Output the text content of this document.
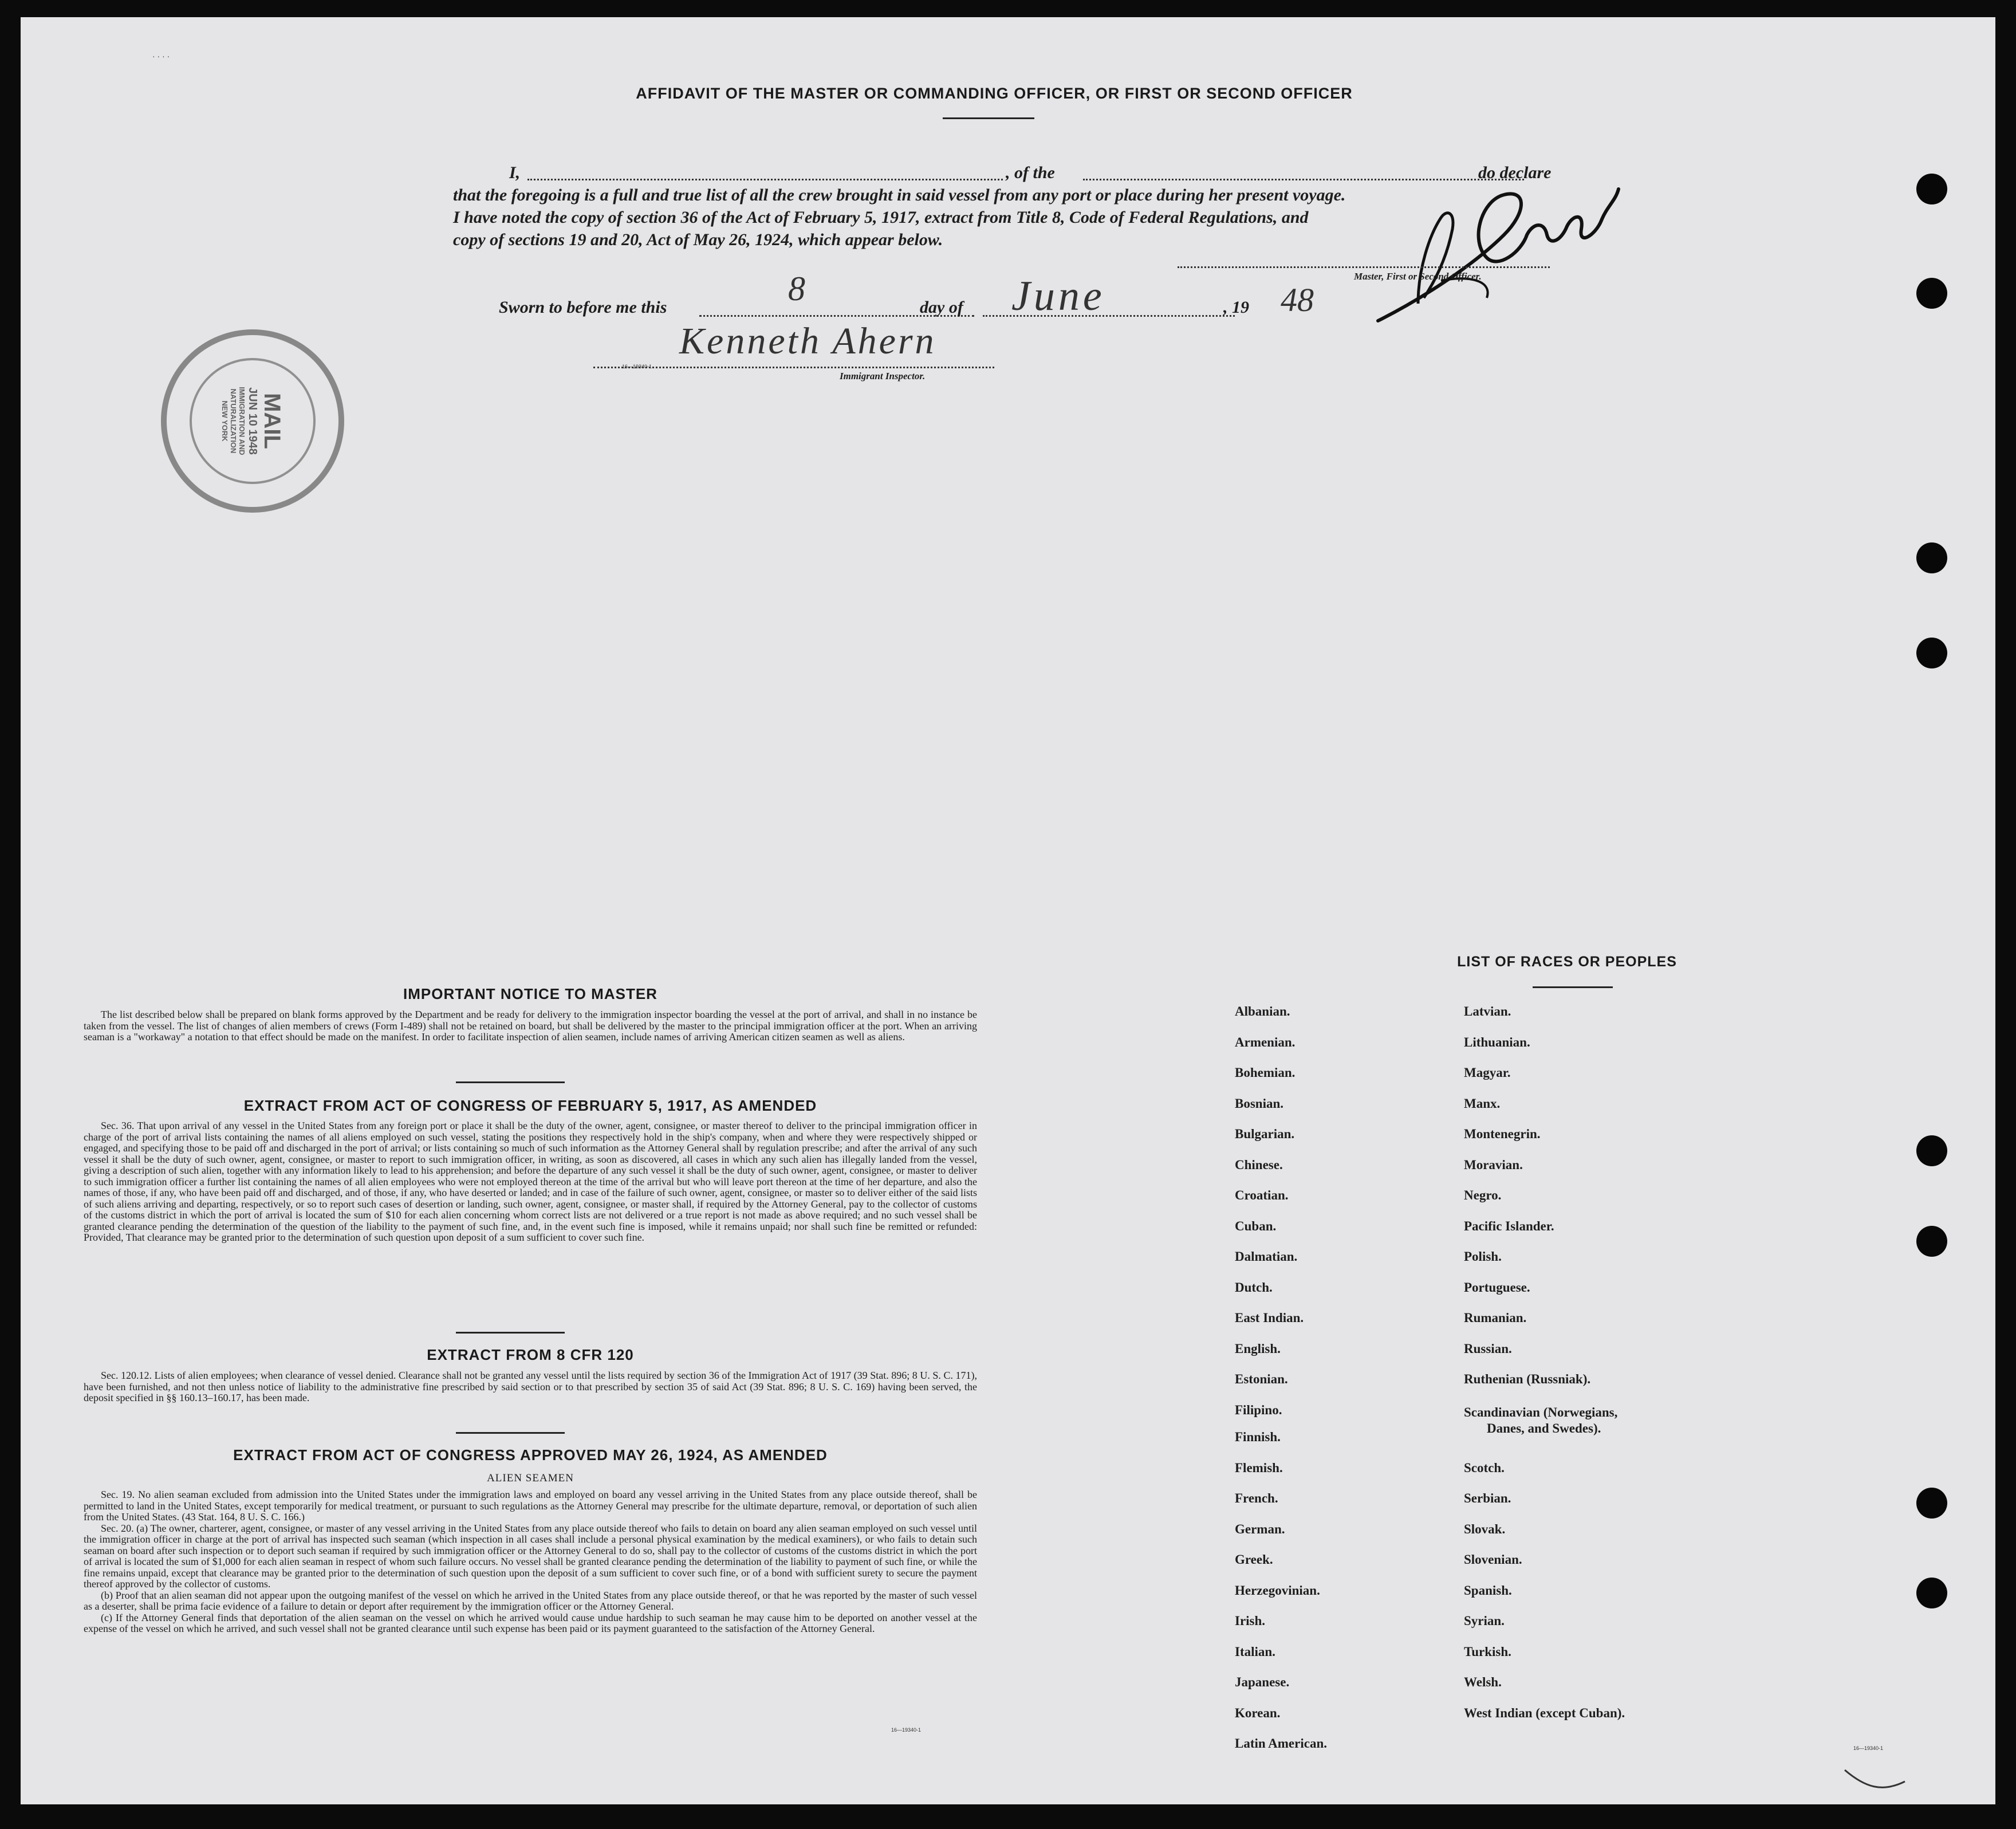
· · · ·
AFFIDAVIT OF THE MASTER OR COMMANDING OFFICER, OR FIRST OR SECOND OFFICER
I,	, of the	do declare
that the foregoing is a full and true list of all the crew brought in said vessel from any port or place during her present voyage.
I have noted the copy of section 36 of the Act of February 5, 1917, extract from Title 8, Code of Federal Regulations, and
copy of sections 19 and 20, Act of May 26, 1924, which appear below.
Master, First or Second Officer.
Sworn to before me this	8	day of June	, 19 48
Kenneth Ahern
16—19340-1
Immigrant Inspector.
MAIL
JUN 10 1948
IMMIGRATION AND
NATURALIZATION
NEW YORK
IMPORTANT NOTICE TO MASTER

The list described below shall be prepared on blank forms approved by the Department and be ready for delivery to the immigration inspector boarding the vessel at the port of arrival, and shall in no instance be taken from the vessel. The list of changes of alien members of crews (Form I-489) shall not be retained on board, but shall be delivered by the master to the principal immigration officer at the port. When an arriving seaman is a "workaway" a notation to that effect should be made on the manifest. In order to facilitate inspection of alien seamen, include names of arriving American citizen seamen as well as aliens.

EXTRACT FROM ACT OF CONGRESS OF FEBRUARY 5, 1917, AS AMENDED

Sec. 36. That upon arrival of any vessel in the United States from any foreign port or place it shall be the duty of the owner, agent, consignee, or master thereof to deliver to the principal immigration officer in charge of the port of arrival lists containing the names of all aliens employed on such vessel, stating the positions they respectively hold in the ship's company, when and where they were respectively shipped or engaged, and specifying those to be paid off and discharged in the port of arrival; or lists containing so much of such information as the Attorney General shall by regulation prescribe; and after the arrival of any such vessel it shall be the duty of such owner, agent, consignee, or master to report to such immigration officer, in writing, as soon as discovered, all cases in which any such alien has illegally landed from the vessel, giving a description of such alien, together with any information likely to lead to his apprehension; and before the departure of any such vessel it shall be the duty of such owner, agent, consignee, or master to deliver to such immigration officer a further list containing the names of all alien employees who were not employed thereon at the time of the arrival but who will leave port thereon at the time of her departure, and also the names of those, if any, who have been paid off and discharged, and of those, if any, who have deserted or landed; and in case of the failure of such owner, agent, consignee, or master so to deliver either of the said lists of such aliens arriving and departing, respectively, or so to report such cases of desertion or landing, such owner, agent, consignee, or master shall, if required by the Attorney General, pay to the collector of customs of the customs district in which the port of arrival is located the sum of $10 for each alien concerning whom correct lists are not delivered or a true report is not made as above required; and no such vessel shall be granted clearance pending the determination of the question of the liability to the payment of such fine, and, in the event such fine is imposed, while it remains unpaid; nor shall such fine be remitted or refunded: Provided, That clearance may be granted prior to the determination of such question upon deposit of a sum sufficient to cover such fine.

EXTRACT FROM 8 CFR 120

Sec. 120.12. Lists of alien employees; when clearance of vessel denied. Clearance shall not be granted any vessel until the lists required by section 36 of the Immigration Act of 1917 (39 Stat. 896; 8 U. S. C. 171), have been furnished, and not then unless notice of liability to the administrative fine prescribed by said section or to that prescribed by section 35 of said Act (39 Stat. 896; 8 U. S. C. 169) having been served, the deposit specified in §§ 160.13–160.17, has been made.

EXTRACT FROM ACT OF CONGRESS APPROVED MAY 26, 1924, AS AMENDED
ALIEN SEAMEN

Sec. 19. No alien seaman excluded from admission into the United States under the immigration laws and employed on board any vessel arriving in the United States from any place outside thereof, shall be permitted to land in the United States, except temporarily for medical treatment, or pursuant to such regulations as the Attorney General may prescribe for the ultimate departure, removal, or deportation of such alien from the United States. (43 Stat. 164, 8 U. S. C. 166.)

Sec. 20. (a) The owner, charterer, agent, consignee, or master of any vessel arriving in the United States from any place outside thereof who fails to detain on board any alien seaman employed on such vessel until the immigration officer in charge at the port of arrival has inspected such seaman (which inspection in all cases shall include a personal physical examination by the medical examiners), or who fails to detain such seaman on board after such inspection or to deport such seaman if required by such immigration officer or the Attorney General to do so, shall pay to the collector of customs of the customs district in which the port of arrival is located the sum of $1,000 for each alien seaman in respect of whom such failure occurs. No vessel shall be granted clearance pending the determination of the liability to payment of such fine, or while the fine remains unpaid, except that clearance may be granted prior to the determination of such question upon the deposit of a sum sufficient to cover such fine, or of a bond with sufficient surety to secure the payment thereof approved by the collector of customs.

(b) Proof that an alien seaman did not appear upon the outgoing manifest of the vessel on which he arrived in the United States from any place outside thereof, or that he was reported by the master of such vessel as a deserter, shall be prima facie evidence of a failure to detain or deport after requirement by the immigration officer or the Attorney General.

(c) If the Attorney General finds that deportation of the alien seaman on the vessel on which he arrived would cause undue hardship to such seaman he may cause him to be deported on another vessel at the expense of the vessel on which he arrived, and such vessel shall not be granted clearance until such expense has been paid or its payment guaranteed to the satisfaction of the Attorney General.

16—19340-1
LIST OF RACES OR PEOPLES
Albanian.
Armenian.
Bohemian.
Bosnian.
Bulgarian.
Chinese.
Croatian.
Cuban.
Dalmatian.
Dutch.
East Indian.
English.
Estonian.
Filipino.
Finnish.
Flemish.
French.
German.
Greek.
Herzegovinian.
Irish.
Italian.
Japanese.
Korean.
Latin American.
Latvian.
Lithuanian.
Magyar.
Manx.
Montenegrin.
Moravian.
Negro.
Pacific Islander.
Polish.
Portuguese.
Rumanian.
Russian.
Ruthenian (Russniak).
Scandinavian (Norwegians,
Danes, and Swedes).
Scotch.
Serbian.
Slovak.
Slovenian.
Spanish.
Syrian.
Turkish.
Welsh.
West Indian (except Cuban).
16—19340-1
